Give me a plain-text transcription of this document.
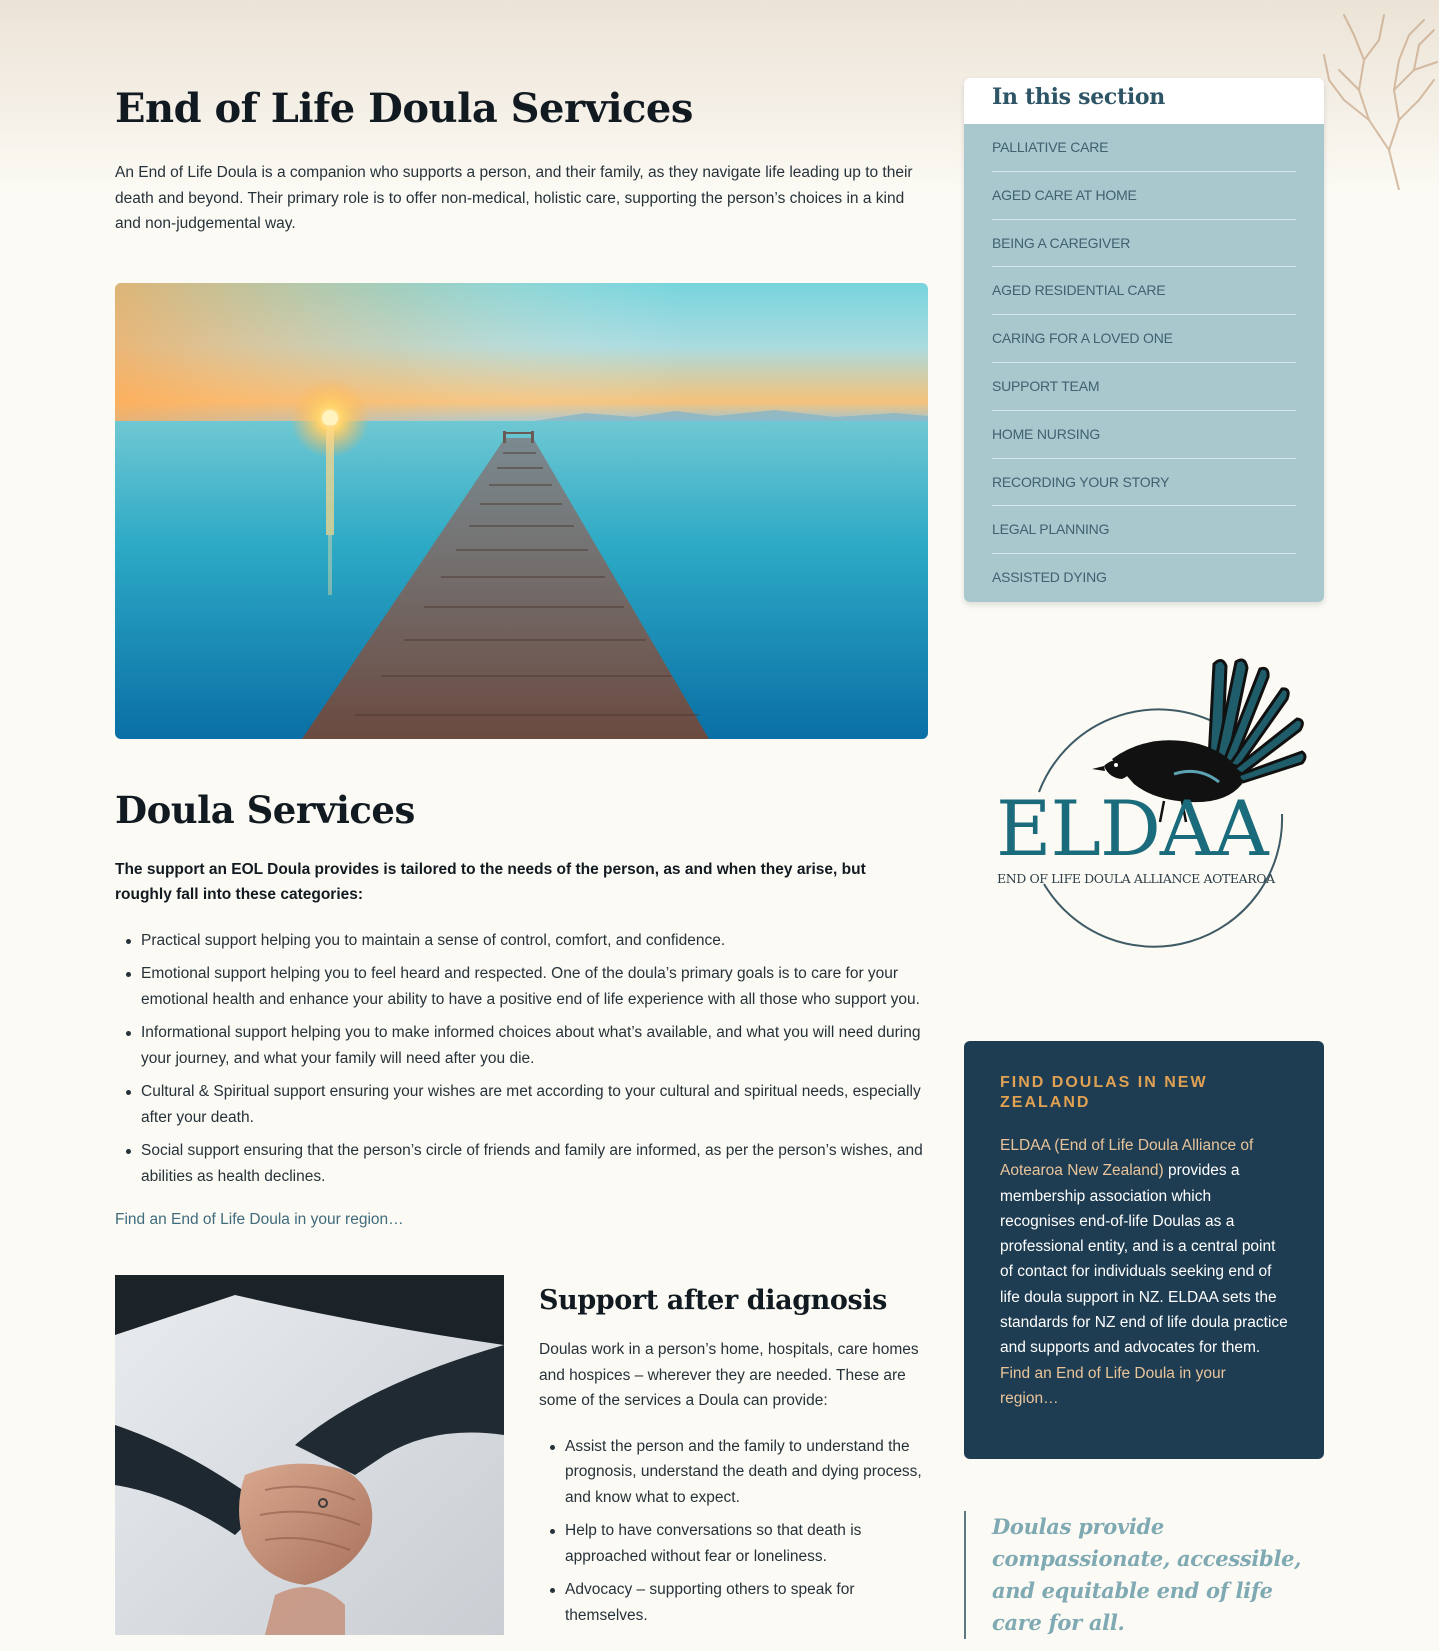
End of Life Doula Services

An End of Life Doula is a companion who supports a person, and their family, as they navigate life leading up to their death and beyond. Their primary role is to offer non-medical, holistic care, supporting the person’s choices in a kind and non-judgemental way.

Doula Services

The support an EOL Doula provides is tailored to the needs of the person, as and when they arise, but roughly fall into these categories:

Practical support helping you to maintain a sense of control, comfort, and confidence.
Emotional support helping you to feel heard and respected. One of the doula’s primary goals is to care for your emotional health and enhance your ability to have a positive end of life experience with all those who support you.
Informational support helping you to make informed choices about what’s available, and what you will need during your journey, and what your family will need after you die.
Cultural & Spiritual support ensuring your wishes are met according to your cultural and spiritual needs, especially after your death.
Social support ensuring that the person’s circle of friends and family are informed, as per the person’s wishes, and abilities as health declines.
Find an End of Life Doula in your region…
Support after diagnosis

Doulas work in a person’s home, hospitals, care homes and hospices – wherever they are needed. These are some of the services a Doula can provide:

Assist the person and the family to understand the prognosis, understand the death and dying process, and know what to expect.
Help to have conversations so that death is approached without fear or loneliness.
Advocacy – supporting others to speak for themselves.
In this section
PALLIATIVE CARE
AGED CARE AT HOME
BEING A CAREGIVER
AGED RESIDENTIAL CARE
CARING FOR A LOVED ONE
SUPPORT TEAM
HOME NURSING
RECORDING YOUR STORY
LEGAL PLANNING
ASSISTED DYING
ELDAA
END OF LIFE DOULA ALLIANCE AOTEAROA
FIND DOULAS IN NEW ZEALAND

ELDAA (End of Life Doula Alliance of Aotearoa New Zealand) provides a membership association which recognises end-of-life Doulas as a professional entity, and is a central point of contact for individuals seeking end of life doula support in NZ. ELDAA sets the standards for NZ end of life doula practice and supports and advocates for them. Find an End of Life Doula in your region…

Doulas provide compassionate, accessible, and equitable end of life care for all.
